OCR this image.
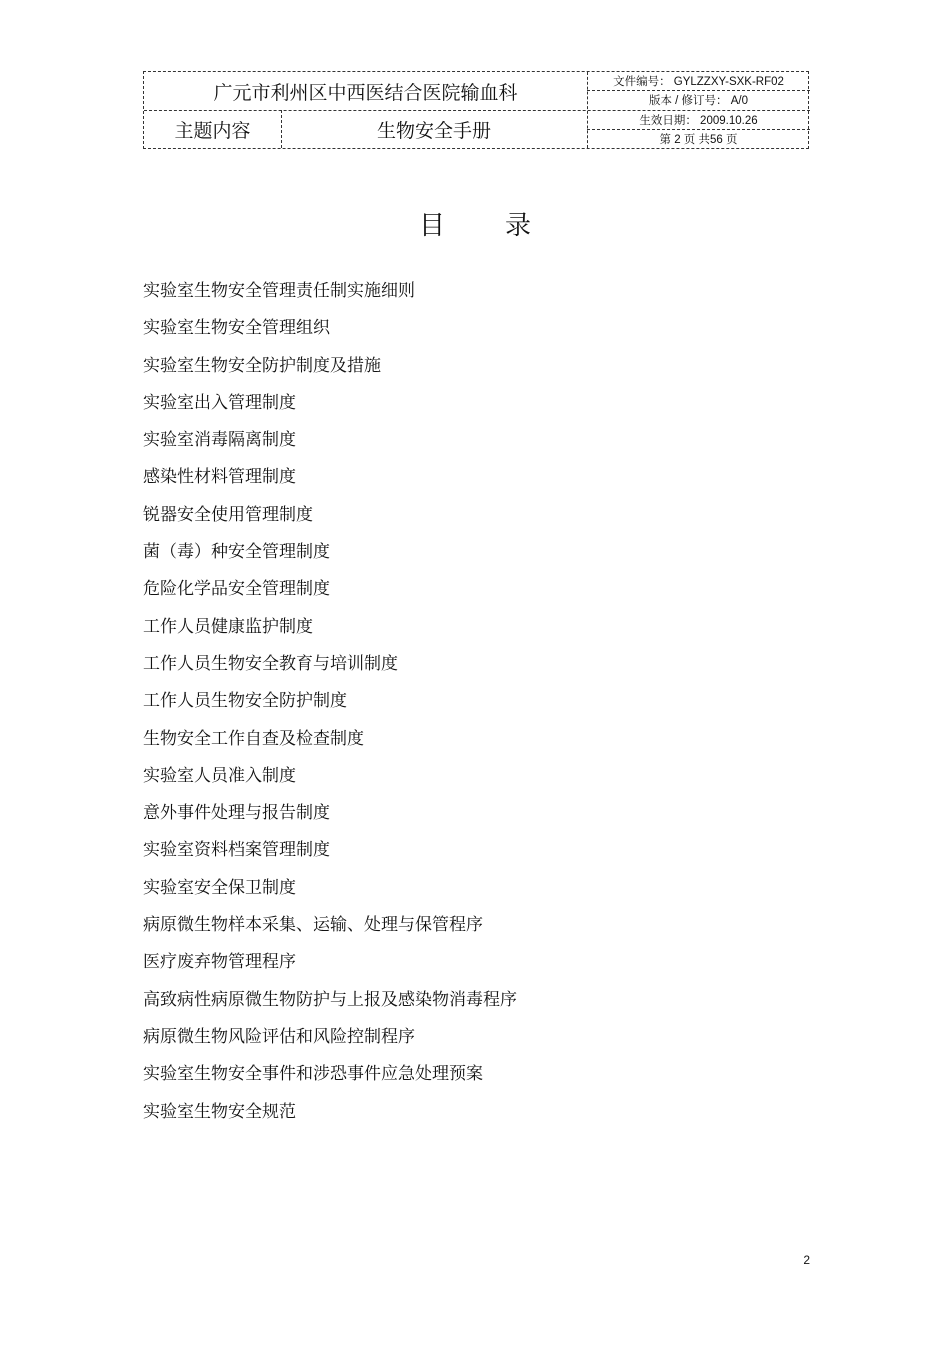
广元市利州区中西医结合医院输血科
主题内容	生物安全手册
文件编号： GYLZZXY-SXK-RF02
版本 / 修订号： A/0
生效日期： 2009.10.26
第 2 页 共56 页
目录
实验室生物安全管理责任制实施细则
实验室生物安全管理组织
实验室生物安全防护制度及措施
实验室出入管理制度
实验室消毒隔离制度
感染性材料管理制度
锐器安全使用管理制度
菌（毒）种安全管理制度
危险化学品安全管理制度
工作人员健康监护制度
工作人员生物安全教育与培训制度
工作人员生物安全防护制度
生物安全工作自查及检查制度
实验室人员准入制度
意外事件处理与报告制度
实验室资料档案管理制度
实验室安全保卫制度
病原微生物样本采集、运输、处理与保管程序
医疗废弃物管理程序
高致病性病原微生物防护与上报及感染物消毒程序
病原微生物风险评估和风险控制程序
实验室生物安全事件和涉恐事件应急处理预案
实验室生物安全规范
2
